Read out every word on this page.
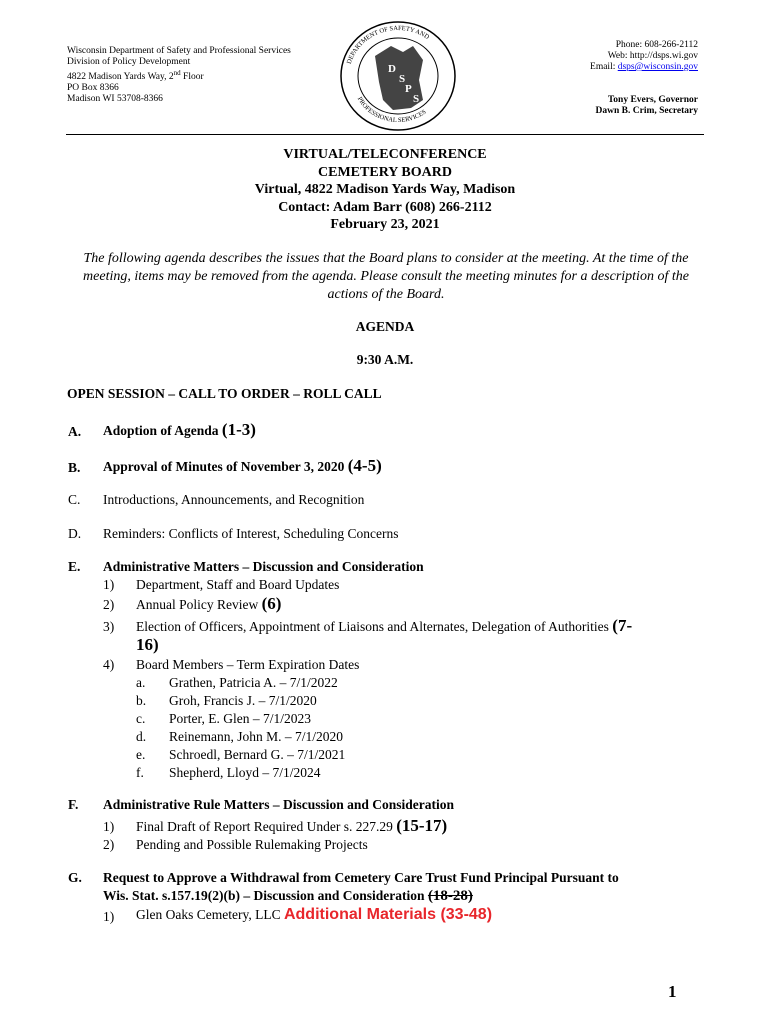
Wisconsin Department of Safety and Professional Services
Division of Policy Development
4822 Madison Yards Way, 2nd Floor
PO Box 8366
Madison WI 53708-8366
D
S
P
S
DEPARTMENT OF SAFETY AND
PROFESSIONAL SERVICES
Phone: 608-266-2112
Web: http://dsps.wi.gov
Email: dsps@wisconsin.gov
Tony Evers, Governor
Dawn B. Crim, Secretary
VIRTUAL/TELECONFERENCE
CEMETERY BOARD
Virtual, 4822 Madison Yards Way, Madison
Contact: Adam Barr (608) 266-2112
February 23, 2021
The following agenda describes the issues that the Board plans to consider at the meeting. At the time of the meeting, items may be removed from the agenda. Please consult the meeting minutes for a description of the actions of the Board.
AGENDA
9:30 A.M.
OPEN SESSION – CALL TO ORDER – ROLL CALL
A. Adoption of Agenda (1-3)
B. Approval of Minutes of November 3, 2020 (4-5)
C. Introductions, Announcements, and Recognition
D. Reminders: Conflicts of Interest, Scheduling Concerns
E. Administrative Matters – Discussion and Consideration
1) Department, Staff and Board Updates
2) Annual Policy Review (6)
3) Election of Officers, Appointment of Liaisons and Alternates, Delegation of Authorities (7-
16)
4) Board Members – Term Expiration Dates
a. Grathen, Patricia A. – 7/1/2022
b. Groh, Francis J. – 7/1/2020
c. Porter, E. Glen – 7/1/2023
d. Reinemann, John M. – 7/1/2020
e. Schroedl, Bernard G. – 7/1/2021
f. Shepherd, Lloyd – 7/1/2024
F. Administrative Rule Matters – Discussion and Consideration
1) Final Draft of Report Required Under s. 227.29 (15-17)
2) Pending and Possible Rulemaking Projects
G. Request to Approve a Withdrawal from Cemetery Care Trust Fund Principal Pursuant to
Wis. Stat. s.157.19(2)(b) – Discussion and Consideration (18-28)
1) Glen Oaks Cemetery, LLC Additional Materials (33-48)
1
